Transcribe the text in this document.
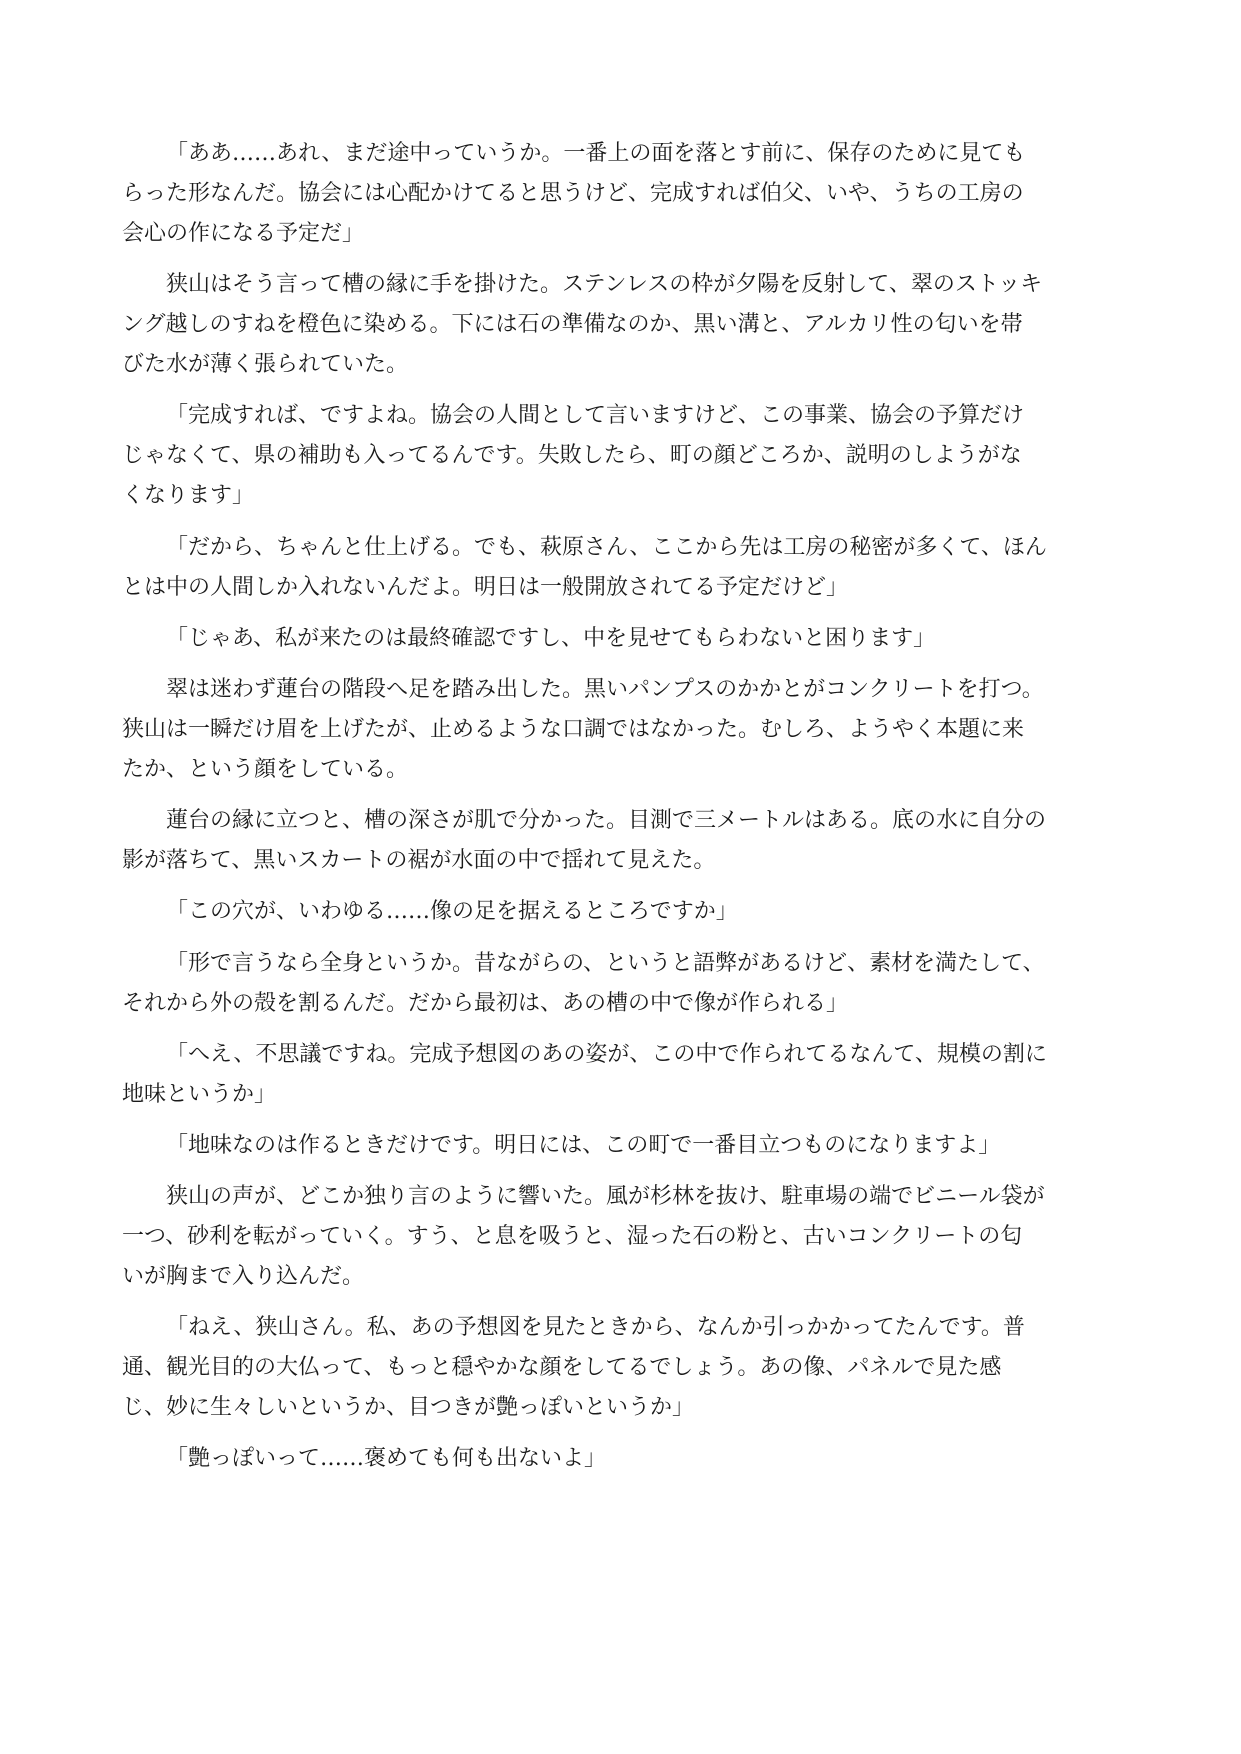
「ああ……あれ、まだ途中っていうか。一番上の面を落とす前に、保存のために見ても
らった形なんだ。協会には心配かけてると思うけど、完成すれば伯父、いや、うちの工房の
会心の作になる予定だ」

狭山はそう言って槽の縁に手を掛けた。ステンレスの枠が夕陽を反射して、翠のストッキ
ング越しのすねを橙色に染める。下には石の準備なのか、黒い溝と、アルカリ性の匂いを帯
びた水が薄く張られていた。

「完成すれば、ですよね。協会の人間として言いますけど、この事業、協会の予算だけ
じゃなくて、県の補助も入ってるんです。失敗したら、町の顔どころか、説明のしようがな
くなります」

「だから、ちゃんと仕上げる。でも、萩原さん、ここから先は工房の秘密が多くて、ほん
とは中の人間しか入れないんだよ。明日は一般開放されてる予定だけど」

「じゃあ、私が来たのは最終確認ですし、中を見せてもらわないと困ります」

翠は迷わず蓮台の階段へ足を踏み出した。黒いパンプスのかかとがコンクリートを打つ。
狭山は一瞬だけ眉を上げたが、止めるような口調ではなかった。むしろ、ようやく本題に来
たか、という顔をしている。

蓮台の縁に立つと、槽の深さが肌で分かった。目測で三メートルはある。底の水に自分の
影が落ちて、黒いスカートの裾が水面の中で揺れて見えた。

「この穴が、いわゆる……像の足を据えるところですか」

「形で言うなら全身というか。昔ながらの、というと語弊があるけど、素材を満たして、
それから外の殻を割るんだ。だから最初は、あの槽の中で像が作られる」

「へえ、不思議ですね。完成予想図のあの姿が、この中で作られてるなんて、規模の割に
地味というか」

「地味なのは作るときだけです。明日には、この町で一番目立つものになりますよ」

狭山の声が、どこか独り言のように響いた。風が杉林を抜け、駐車場の端でビニール袋が
一つ、砂利を転がっていく。すう、と息を吸うと、湿った石の粉と、古いコンクリートの匂
いが胸まで入り込んだ。

「ねえ、狭山さん。私、あの予想図を見たときから、なんか引っかかってたんです。普
通、観光目的の大仏って、もっと穏やかな顔をしてるでしょう。あの像、パネルで見た感
じ、妙に生々しいというか、目つきが艶っぽいというか」

「艶っぽいって……褒めても何も出ないよ」
